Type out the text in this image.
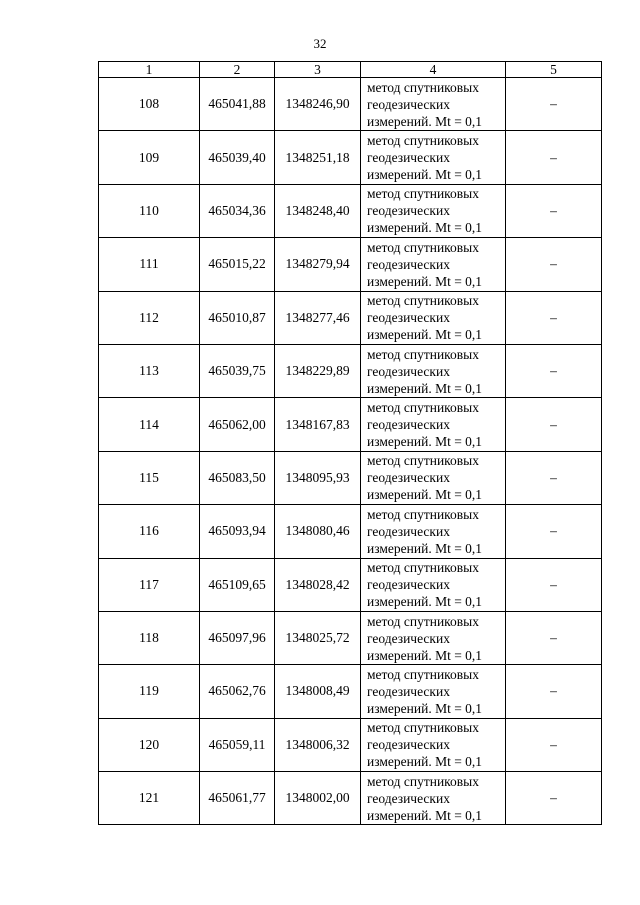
32
1	2	3	4	5
108	465041,88	1348246,90	метод спутниковых
геодезических
измерений. Mt = 0,1	–
109	465039,40	1348251,18	метод спутниковых
геодезических
измерений. Mt = 0,1	–
110	465034,36	1348248,40	метод спутниковых
геодезических
измерений. Mt = 0,1	–
111	465015,22	1348279,94	метод спутниковых
геодезических
измерений. Mt = 0,1	–
112	465010,87	1348277,46	метод спутниковых
геодезических
измерений. Mt = 0,1	–
113	465039,75	1348229,89	метод спутниковых
геодезических
измерений. Mt = 0,1	–
114	465062,00	1348167,83	метод спутниковых
геодезических
измерений. Mt = 0,1	–
115	465083,50	1348095,93	метод спутниковых
геодезических
измерений. Mt = 0,1	–
116	465093,94	1348080,46	метод спутниковых
геодезических
измерений. Mt = 0,1	–
117	465109,65	1348028,42	метод спутниковых
геодезических
измерений. Mt = 0,1	–
118	465097,96	1348025,72	метод спутниковых
геодезических
измерений. Mt = 0,1	–
119	465062,76	1348008,49	метод спутниковых
геодезических
измерений. Mt = 0,1	–
120	465059,11	1348006,32	метод спутниковых
геодезических
измерений. Mt = 0,1	–
121	465061,77	1348002,00	метод спутниковых
геодезических
измерений. Mt = 0,1	–
